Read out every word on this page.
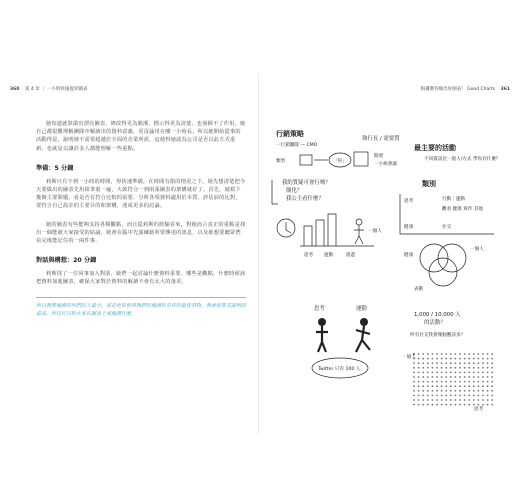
360 第 4 章 ｜ 一小時快速提昇圖表	根據教你做出好圖表！ Good Charts 361

她知道就算做出漂亮圖表，修改得更為簡潔，標示得更為清楚，也發揮不了作用。她自己都很難理解團隊中解讀出的資料意義，更沒論用在哪一小時長。所以她開始從事的活動得是，說明她不需要超越於全面的企業所需，這使得她認為公司是否以此方式重新，也就是以讓許多人都能理解一些重點。

準備：5 分鐘

莉斯只有不到一小時的時間，得快速準備，在時間有限的情況之下，她先想清楚把今天要做出的圖表先用鉛筆畫一遍，大致符合一到兩張圖表的架構就好了。首先，她寫下幾個主要問題，看是否有符合比較的需要，分析各項資料適用於本質、評估前的比對，要符合自己設計的主要目的和架構，達成更多的討論。

她的圖表有些能夠支持各類觀點，而且從莉斯的經驗看來，對她而言真正的重點是找出一個能被大家接受的結論，她會在腦中先演練她所要傳達的訊息，以及她想要聽眾們看完後能記住的一兩件事。

對話與構想：20 分鐘

莉斯找了一位同事加入對話，她們一起討論什麼資料重要、哪些是觀點，什麼時候該把資料加進圖表，確保大家對於資料的解讀不會有太大的落差。

所以我要強調你所們的人最少，或是更常使用我們的強調你是你的最佳事物，我會很要求說明的看法、所以可以對大家在圖表上面強調什麼。

行銷策略
一行銷團隊 — CMO
執行長 / 需要質
最主要的活動
類型	「你」
開發
一小組會議
不同資訊比一般人/方式 學你有什麼？
我的質疑可會行嗎？
簡化？
我公主看什麼？
類別
思考	行動｜運動
健康	社交
觀看 健康 寫作 其他
一個人
思考 運動	旅遊	健康
表動
一個人
思考	運動
1,000 / 10,000 人
的活動？
所有社交我會幾個應該多？
Twitter 只有 100 人
一個人
思考
